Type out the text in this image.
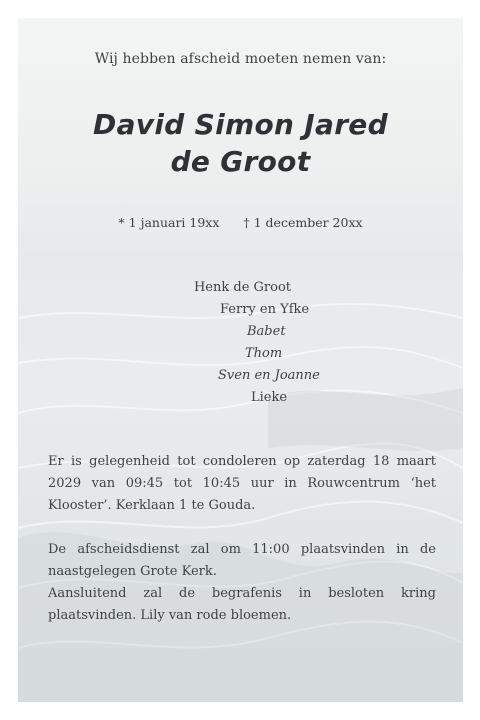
Wij hebben afscheid moeten nemen van:
David Simon Jared
de Groot
* 1 januari 19xx † 1 december 20xx
Henk de Groot
Ferry en Yfke
Babet
Thom
Sven en Joanne
Lieke
Er is gelegenheid tot condoleren op zaterdag 18 maart 2029 van 09:45 tot 10:45 uur in Rouwcentrum ‘het Klooster’. Kerklaan 1 te Gouda.
De afscheidsdienst zal om 11:00 plaatsvinden in de naastgelegen Grote Kerk.
Aansluitend zal de begrafenis in besloten kring plaatsvinden. Lily van rode bloemen.
